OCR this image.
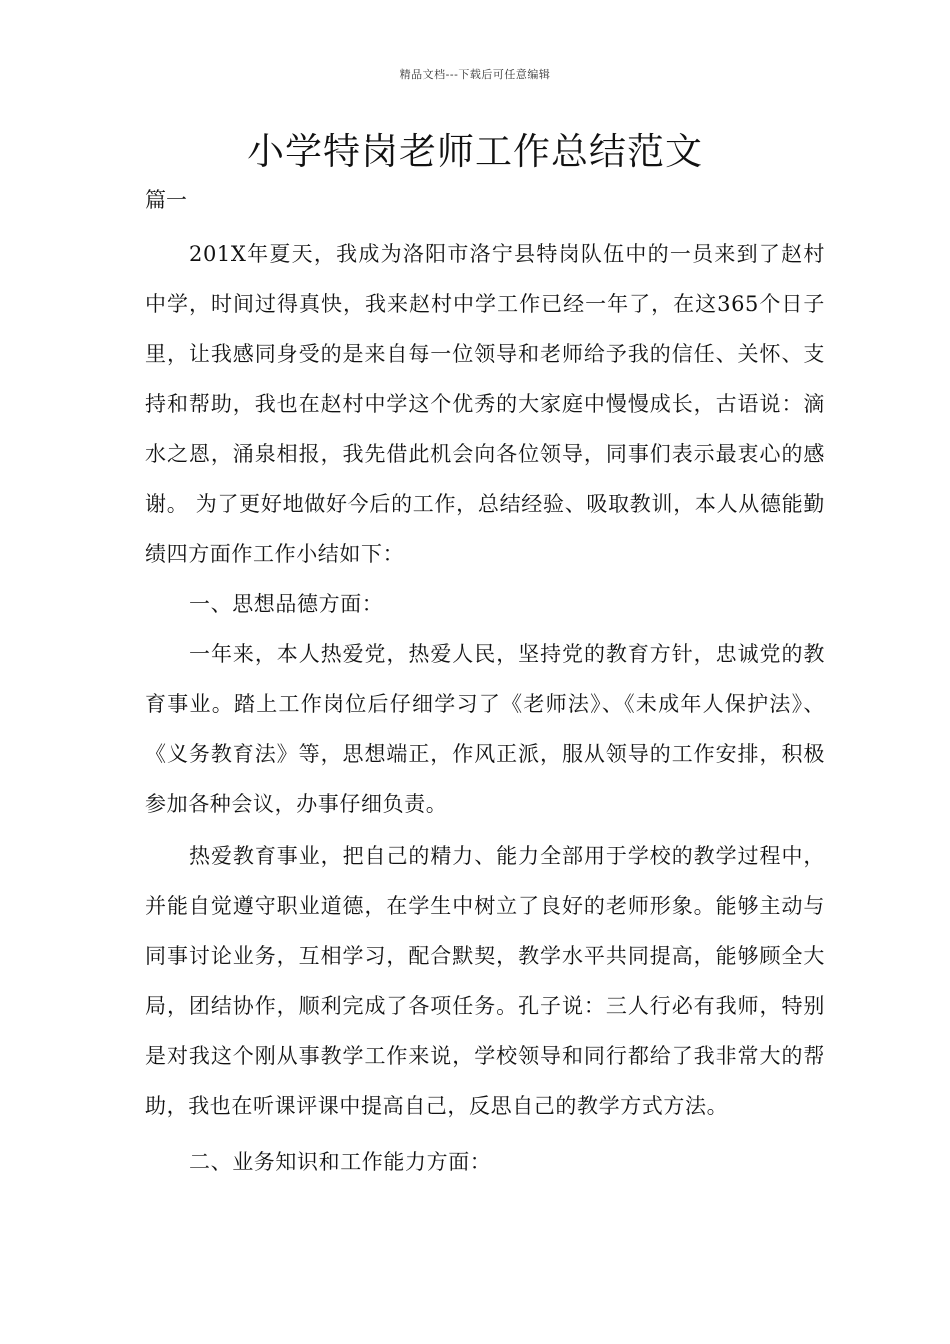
精品文档---下载后可任意编辑
小学特岗老师工作总结范文
篇一

201X年夏天，我成为洛阳市洛宁县特岗队伍中的一员来到了赵村中学，时间过得真快，我来赵村中学工作已经一年了，在这365个日子里，让我感同身受的是来自每一位领导和老师给予我的信任、关怀、支持和帮助，我也在赵村中学这个优秀的大家庭中慢慢成长，古语说：滴水之恩，涌泉相报，我先借此机会向各位领导，同事们表示最衷心的感谢。 为了更好地做好今后的工作，总结经验、吸取教训，本人从德能勤绩四方面作工作小结如下：

一、思想品德方面：

一年来，本人热爱党，热爱人民，坚持党的教育方针，忠诚党的教育事业。踏上工作岗位后仔细学习了《老师法》、《未成年人保护法》、《义务教育法》等，思想端正，作风正派，服从领导的工作安排，积极参加各种会议，办事仔细负责。

热爱教育事业，把自己的精力、能力全部用于学校的教学过程中，并能自觉遵守职业道德，在学生中树立了良好的老师形象。能够主动与同事讨论业务，互相学习，配合默契，教学水平共同提高，能够顾全大局，团结协作，顺利完成了各项任务。孔子说：三人行必有我师，特别是对我这个刚从事教学工作来说，学校领导和同行都给了我非常大的帮助，我也在听课评课中提高自己，反思自己的教学方式方法。

二、业务知识和工作能力方面：
